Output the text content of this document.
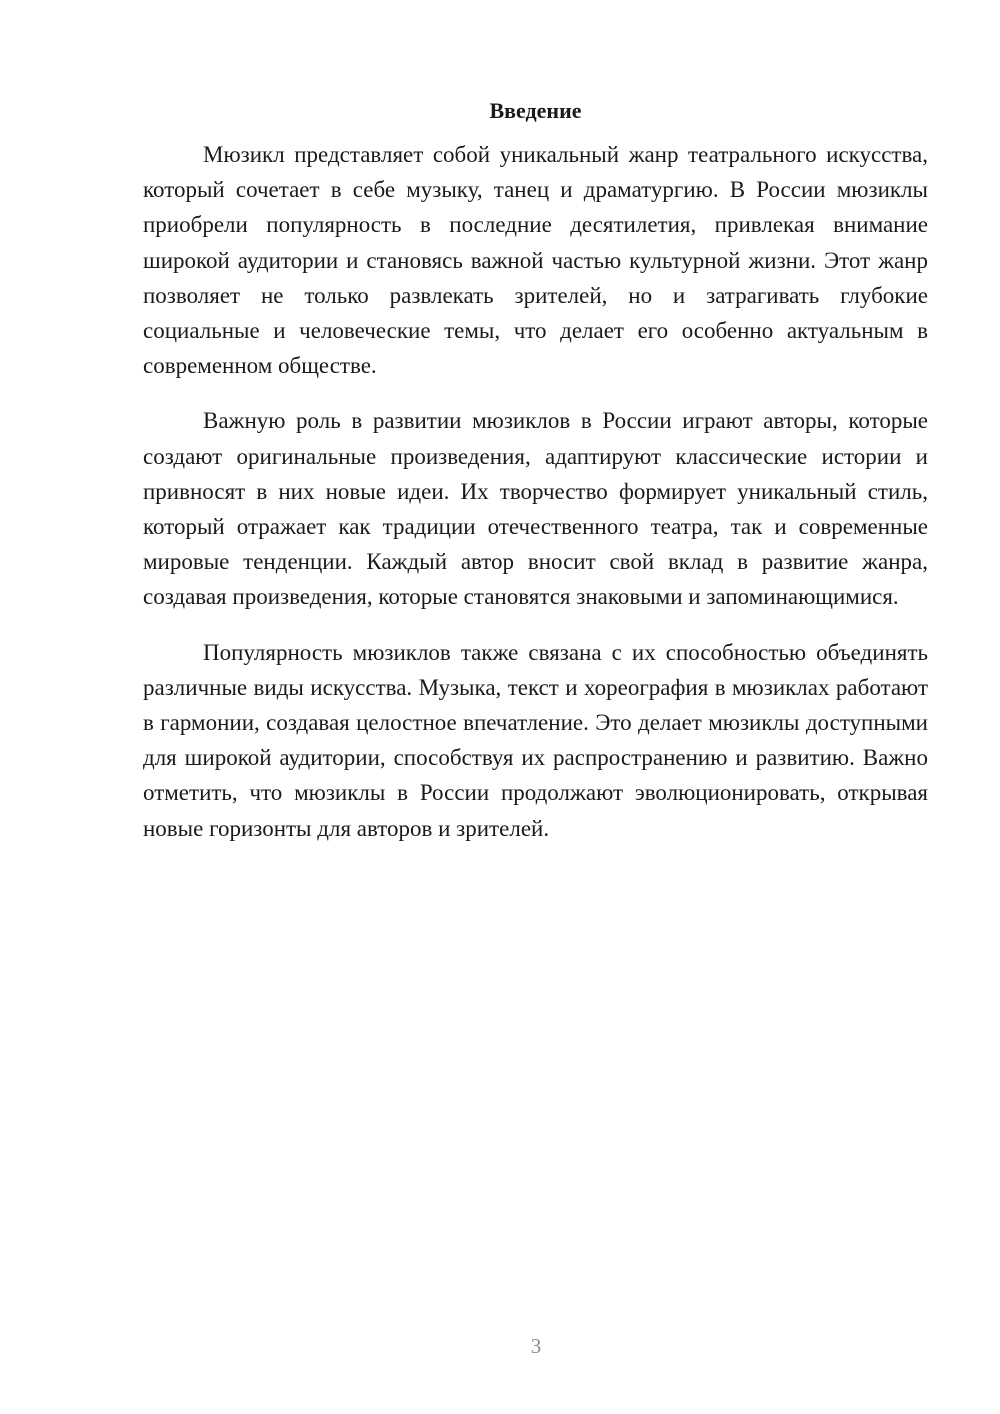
Введение

Мюзикл представляет собой уникальный жанр театрального искусства, который сочетает в себе музыку, танец и драматургию. В России мюзиклы приобрели популярность в последние десятилетия, привлекая внимание широкой аудитории и становясь важной частью культурной жизни. Этот жанр позволяет не только развлекать зрителей, но и затрагивать глубокие социальные и человеческие темы, что делает его особенно актуальным в современном обществе.

Важную роль в развитии мюзиклов в России играют авторы, которые создают оригинальные произведения, адаптируют классические истории и привносят в них новые идеи. Их творчество формирует уникальный стиль, который отражает как традиции отечественного театра, так и современные мировые тенденции. Каждый автор вносит свой вклад в развитие жанра, создавая произведения, которые становятся знаковыми и запоминающимися.

Популярность мюзиклов также связана с их способностью объединять различные виды искусства. Музыка, текст и хореография в мюзиклах работают в гармонии, создавая целостное впечатление. Это делает мюзиклы доступными для широкой аудитории, способствуя их распространению и развитию. Важно отметить, что мюзиклы в России продолжают эволюционировать, открывая новые горизонты для авторов и зрителей.

3
